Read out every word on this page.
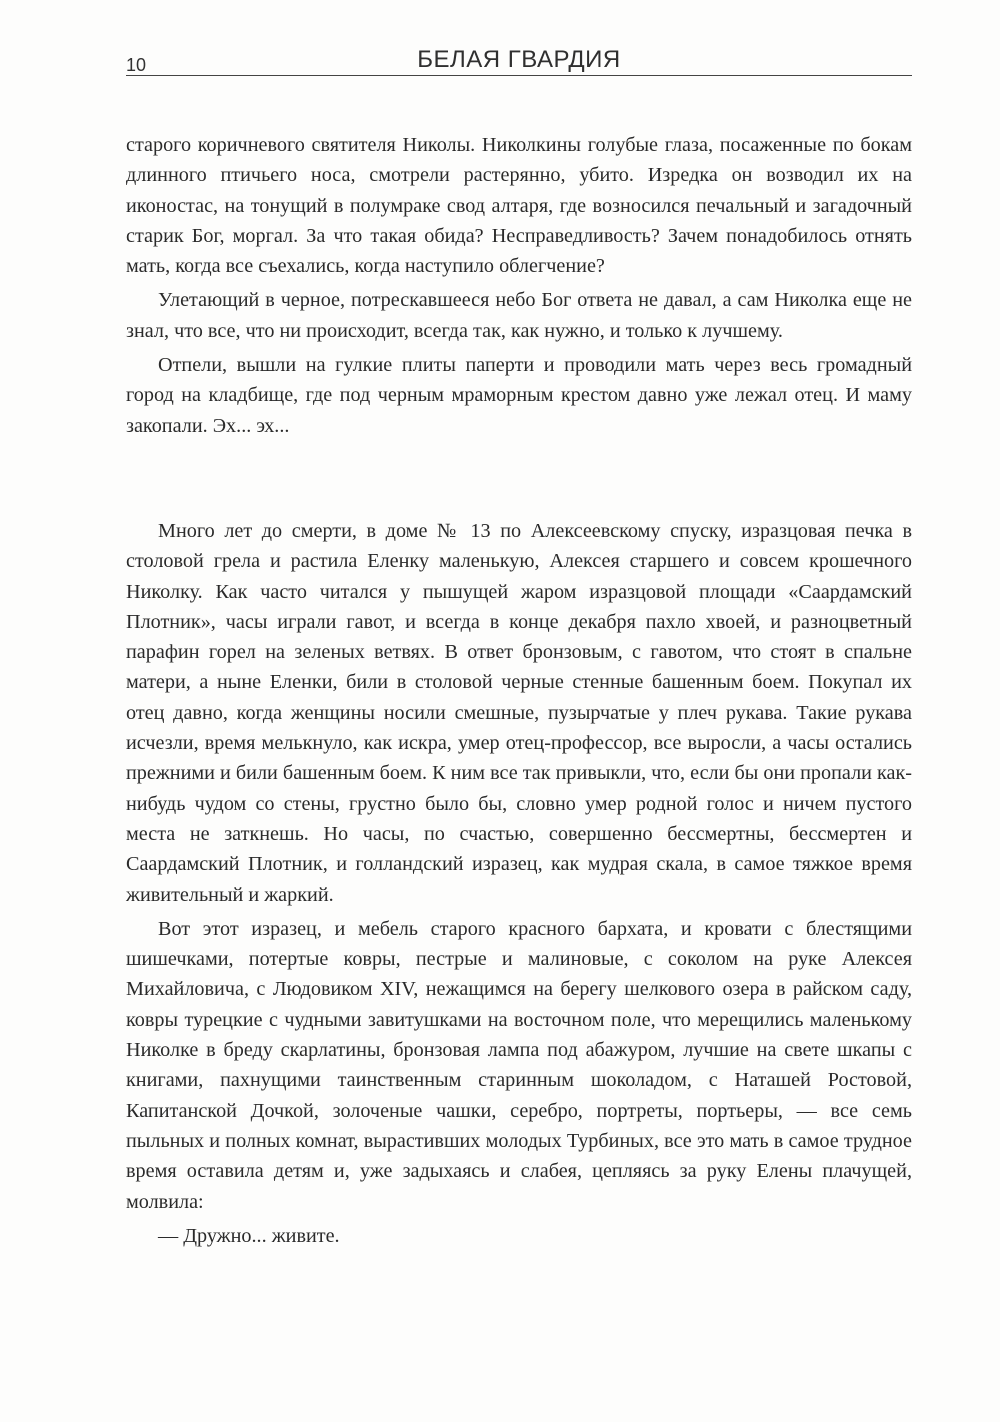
10	БЕЛАЯ ГВАРДИЯ

старого коричневого святителя Николы. Николкины голубые глаза, посаженные по бокам длинного птичьего носа, смотрели растерянно, убито. Изредка он возводил их на иконостас, на тонущий в полумраке свод алтаря, где возносился печальный и загадочный старик Бог, моргал. За что такая обида? Несправедливость? Зачем понадобилось отнять мать, когда все съехались, когда наступило облегчение?

Улетающий в черное, потрескавшееся небо Бог ответа не давал, а сам Николка еще не знал, что все, что ни происходит, всегда так, как нужно, и только к лучшему.

Отпели, вышли на гулкие плиты паперти и проводили мать через весь громадный город на кладбище, где под черным мраморным крестом давно уже лежал отец. И маму закопали. Эх... эх...

Много лет до смерти, в доме № 13 по Алексеевскому спуску, изразцовая печка в столовой грела и растила Еленку маленькую, Алексея старшего и совсем крошечного Николку. Как часто читался у пышущей жаром изразцовой площади «Саардамский Плотник», часы играли гавот, и всегда в конце декабря пахло хвоей, и разноцветный парафин горел на зеленых ветвях. В ответ бронзовым, с гавотом, что стоят в спальне матери, а ныне Еленки, били в столовой черные стенные башенным боем. Покупал их отец давно, когда женщины носили смешные, пузырчатые у плеч рукава. Такие рукава исчезли, время мелькнуло, как искра, умер отец-профессор, все выросли, а часы остались прежними и били башенным боем. К ним все так привыкли, что, если бы они пропали как-нибудь чудом со стены, грустно было бы, словно умер родной голос и ничем пустого места не заткнешь. Но часы, по счастью, совершенно бессмертны, бессмертен и Саардамский Плотник, и голландский изразец, как мудрая скала, в самое тяжкое время живительный и жаркий.

Вот этот изразец, и мебель старого красного бархата, и кровати с блестящими шишечками, потертые ковры, пестрые и малиновые, с соколом на руке Алексея Михайловича, с Людовиком XIV, нежащимся на берегу шелкового озера в райском саду, ковры турецкие с чудными завитушками на восточном поле, что мерещились маленькому Николке в бреду скарлатины, бронзовая лампа под абажуром, лучшие на свете шкапы с книгами, пахнущими таинственным старинным шоколадом, с Наташей Ростовой, Капитанской Дочкой, золоченые чашки, серебро, портреты, портьеры, — все семь пыльных и полных комнат, вырастивших молодых Турбиных, все это мать в самое трудное время оставила детям и, уже задыхаясь и слабея, цепляясь за руку Елены плачущей, молвила:

— Дружно... живите.
